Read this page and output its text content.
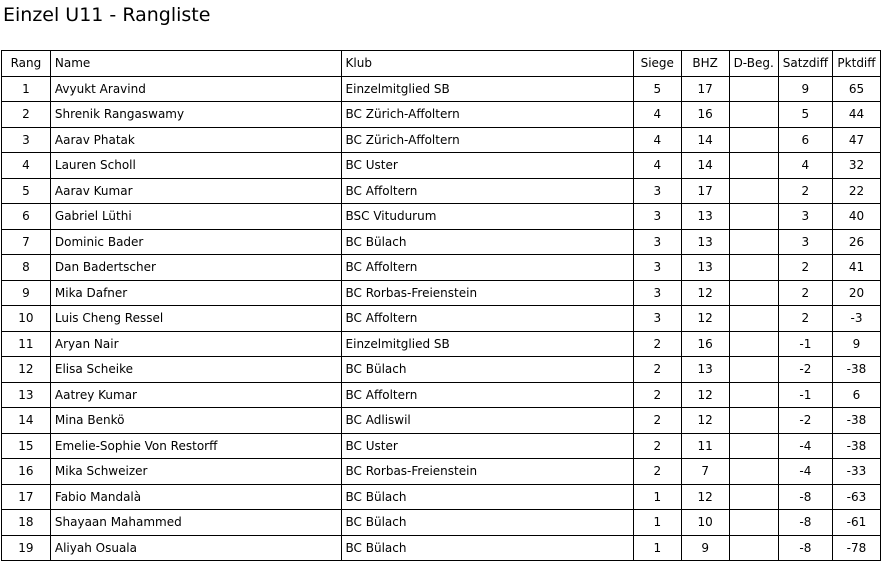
Einzel U11 - Rangliste
Rang	Name	Klub	Siege	BHZ	D-Beg.	Satzdiff	Pktdiff
1	Avyukt Aravind	Einzelmitglied SB	5	17		9	65
2	Shrenik Rangaswamy	BC Zürich-Affoltern	4	16		5	44
3	Aarav Phatak	BC Zürich-Affoltern	4	14		6	47
4	Lauren Scholl	BC Uster	4	14		4	32
5	Aarav Kumar	BC Affoltern	3	17		2	22
6	Gabriel Lüthi	BSC Vitudurum	3	13		3	40
7	Dominic Bader	BC Bülach	3	13		3	26
8	Dan Badertscher	BC Affoltern	3	13		2	41
9	Mika Dafner	BC Rorbas-Freienstein	3	12		2	20
10	Luis Cheng Ressel	BC Affoltern	3	12		2	-3
11	Aryan Nair	Einzelmitglied SB	2	16		-1	9
12	Elisa Scheike	BC Bülach	2	13		-2	-38
13	Aatrey Kumar	BC Affoltern	2	12		-1	6
14	Mina Benkö	BC Adliswil	2	12		-2	-38
15	Emelie-Sophie Von Restorff	BC Uster	2	11		-4	-38
16	Mika Schweizer	BC Rorbas-Freienstein	2	7		-4	-33
17	Fabio Mandalà	BC Bülach	1	12		-8	-63
18	Shayaan Mahammed	BC Bülach	1	10		-8	-61
19	Aliyah Osuala	BC Bülach	1	9		-8	-78
